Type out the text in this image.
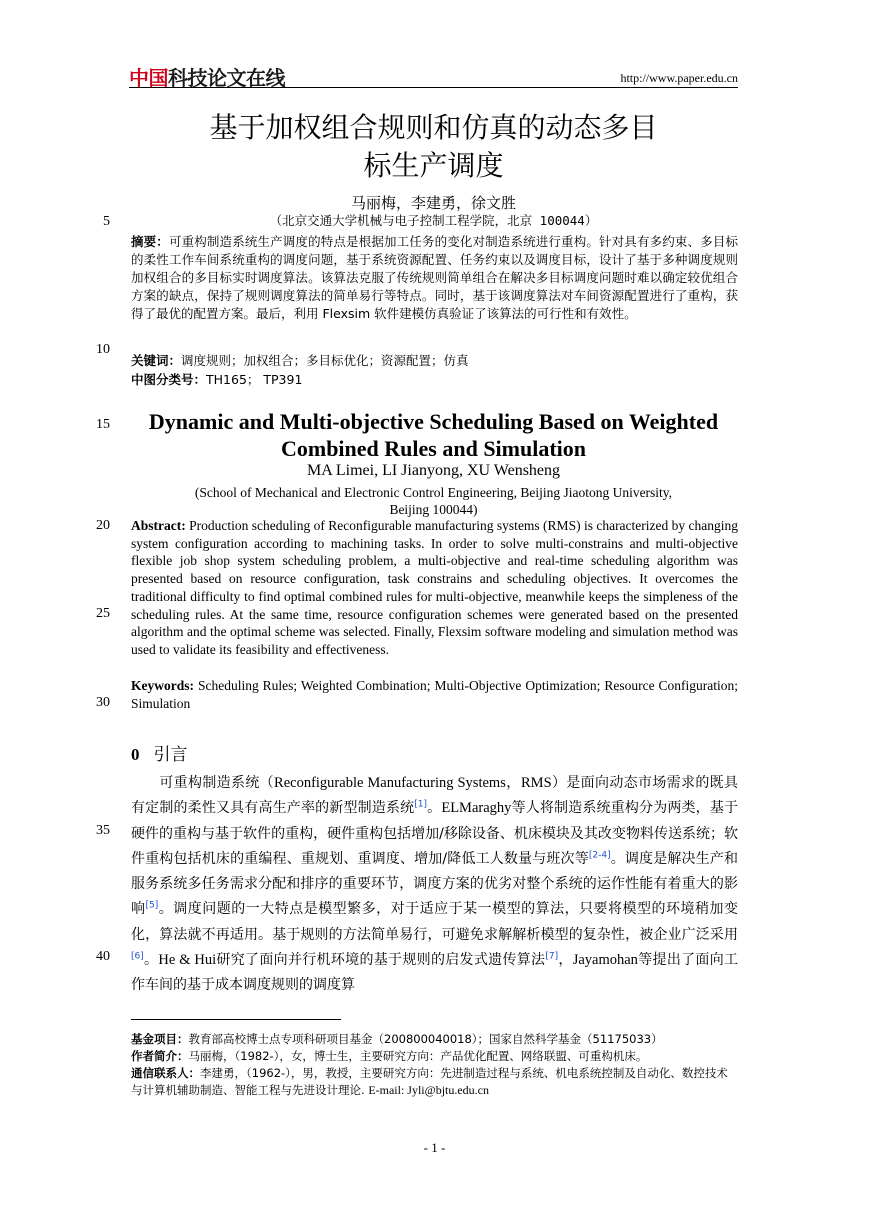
中国科技论文在线	http://www.paper.edu.cn
5
10
15
20
25
30
35
40
基于加权组合规则和仿真的动态多目
标生产调度
马丽梅，李建勇，徐文胜
（北京交通大学机械与电子控制工程学院，北京 100044）
摘要：可重构制造系统生产调度的特点是根据加工任务的变化对制造系统进行重构。针对具有多约束、多目标的柔性工作车间系统重构的调度问题，基于系统资源配置、任务约束以及调度目标，设计了基于多种调度规则加权组合的多目标实时调度算法。该算法克服了传统规则简单组合在解决多目标调度问题时难以确定较优组合方案的缺点，保持了规则调度算法的简单易行等特点。同时，基于该调度算法对车间资源配置进行了重构，获得了最优的配置方案。最后，利用 Flexsim 软件建模仿真验证了该算法的可行性和有效性。
关键词：调度规则；加权组合；多目标优化；资源配置；仿真
中图分类号：TH165； TP391
Dynamic and Multi-objective Scheduling Based on Weighted
Combined Rules and Simulation
MA Limei, LI Jianyong, XU Wensheng
(School of Mechanical and Electronic Control Engineering, Beijing Jiaotong University,
Beijing 100044)
Abstract: Production scheduling of Reconfigurable manufacturing systems (RMS) is characterized by changing system configuration according to machining tasks. In order to solve multi-constrains and multi-objective flexible job shop system scheduling problem, a multi-objective and real-time scheduling algorithm was presented based on resource configuration, task constrains and scheduling objectives. It overcomes the traditional difficulty to find optimal combined rules for multi-objective, meanwhile keeps the simpleness of the scheduling rules. At the same time, resource configuration schemes were generated based on the presented algorithm and the optimal scheme was selected. Finally, Flexsim software modeling and simulation method was used to validate its feasibility and effectiveness.
Keywords: Scheduling Rules; Weighted Combination; Multi-Objective Optimization; Resource Configuration; Simulation
0 引言
可重构制造系统（Reconfigurable Manufacturing Systems，RMS）是面向动态市场需求的既具有定制的柔性又具有高生产率的新型制造系统[1]。ELMaraghy等人将制造系统重构分为两类，基于硬件的重构与基于软件的重构，硬件重构包括增加/移除设备、机床模块及其改变物料传送系统；软件重构包括机床的重编程、重规划、重调度、增加/降低工人数量与班次等[2-4]。调度是解决生产和服务系统多任务需求分配和排序的重要环节，调度方案的优劣对整个系统的运作性能有着重大的影响[5]。调度问题的一大特点是模型繁多，对于适应于某一模型的算法，只要将模型的环境稍加变化，算法就不再适用。基于规则的方法简单易行，可避免求解解析模型的复杂性，被企业广泛采用[6]。He & Hui研究了面向并行机环境的基于规则的启发式遗传算法[7]，Jayamohan等提出了面向工作车间的基于成本调度规则的调度算
基金项目：教育部高校博士点专项科研项目基金（200800040018）；国家自然科学基金（51175033）
作者简介：马丽梅，（1982-），女，博士生，主要研究方向：产品优化配置、网络联盟、可重构机床。
通信联系人：李建勇，（1962-），男，教授，主要研究方向：先进制造过程与系统、机电系统控制及自动化、数控技术与计算机辅助制造、智能工程与先进设计理论. E-mail: Jyli@bjtu.edu.cn
- 1 -
